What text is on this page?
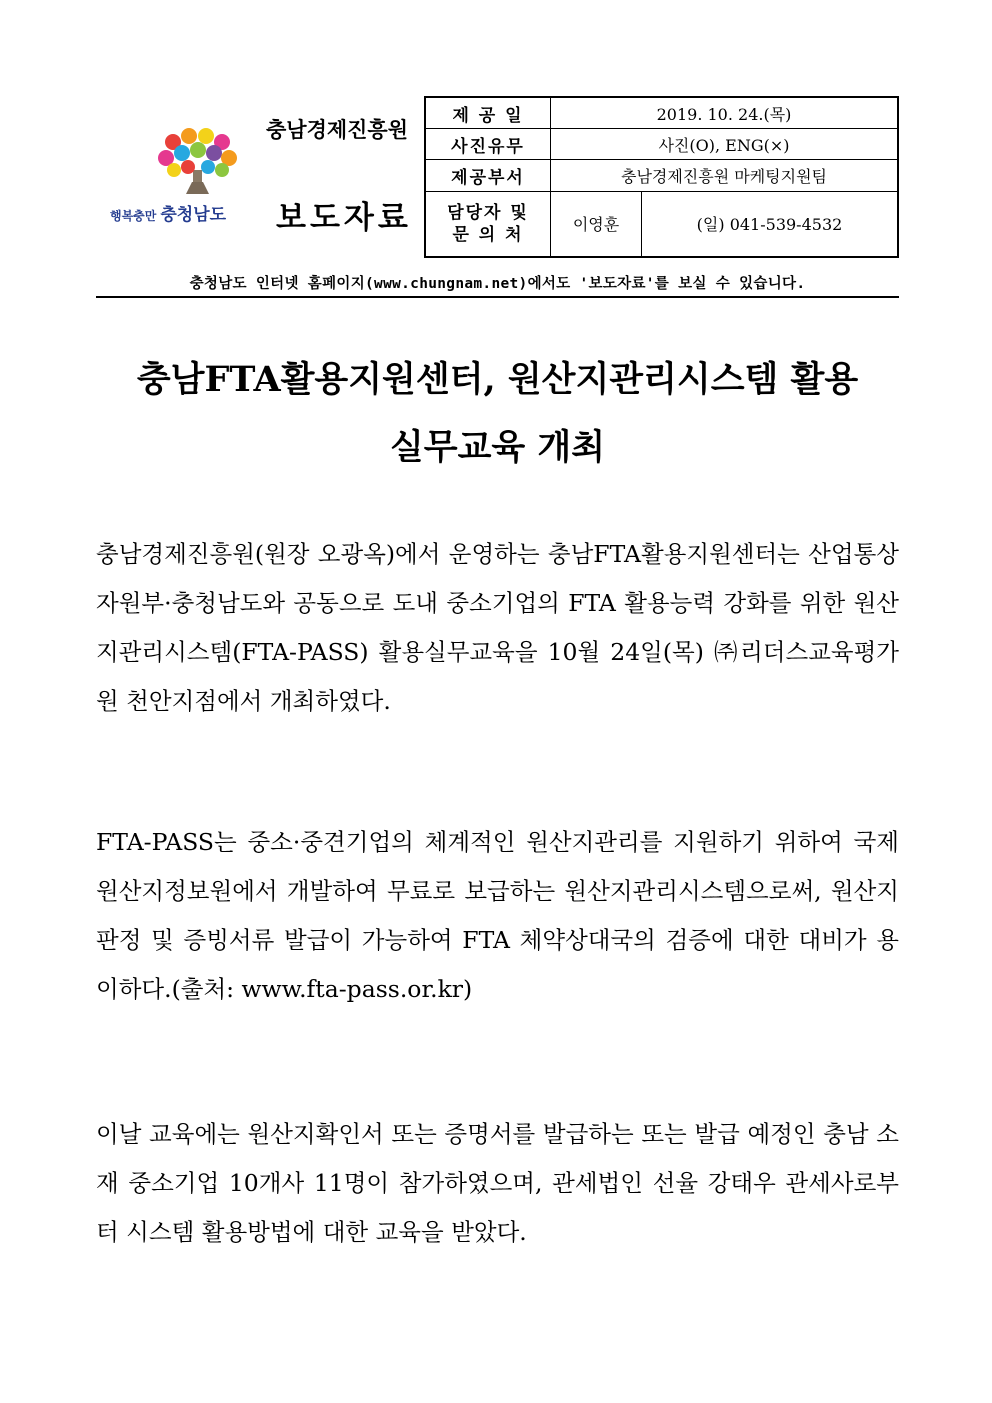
행복충만 충청남도
충남경제진흥원
보도자료
제 공 일	2019. 10. 24.(목)	
사진유무	사진(O), ENG(×)	
제공부서	충남경제진흥원 마케팅지원팀	

담당자 및
문 의 처	이영훈	(일) 041-539-4532
충청남도 인터넷 홈페이지(www.chungnam.net)에서도 '보도자료'를 보실 수 있습니다.
충남FTA활용지원센터, 원산지관리시스템 활용
실무교육 개최

충남경제진흥원(원장 오광옥)에서 운영하는 충남FTA활용지원센터는 산업통상자원부·충청남도와 공동으로 도내 중소기업의 FTA 활용능력 강화를 위한 원산지관리시스템(FTA-PASS) 활용실무교육을 10월 24일(목) ㈜리더스교육평가원 천안지점에서 개최하였다.

FTA-PASS는 중소·중견기업의 체계적인 원산지관리를 지원하기 위하여 국제원산지정보원에서 개발하여 무료로 보급하는 원산지관리시스템으로써, 원산지판정 및 증빙서류 발급이 가능하여 FTA 체약상대국의 검증에 대한 대비가 용이하다.(출처: www.fta-pass.or.kr)

이날 교육에는 원산지확인서 또는 증명서를 발급하는 또는 발급 예정인 충남 소재 중소기업 10개사 11명이 참가하였으며, 관세법인 선율 강태우 관세사로부터 시스템 활용방법에 대한 교육을 받았다.
